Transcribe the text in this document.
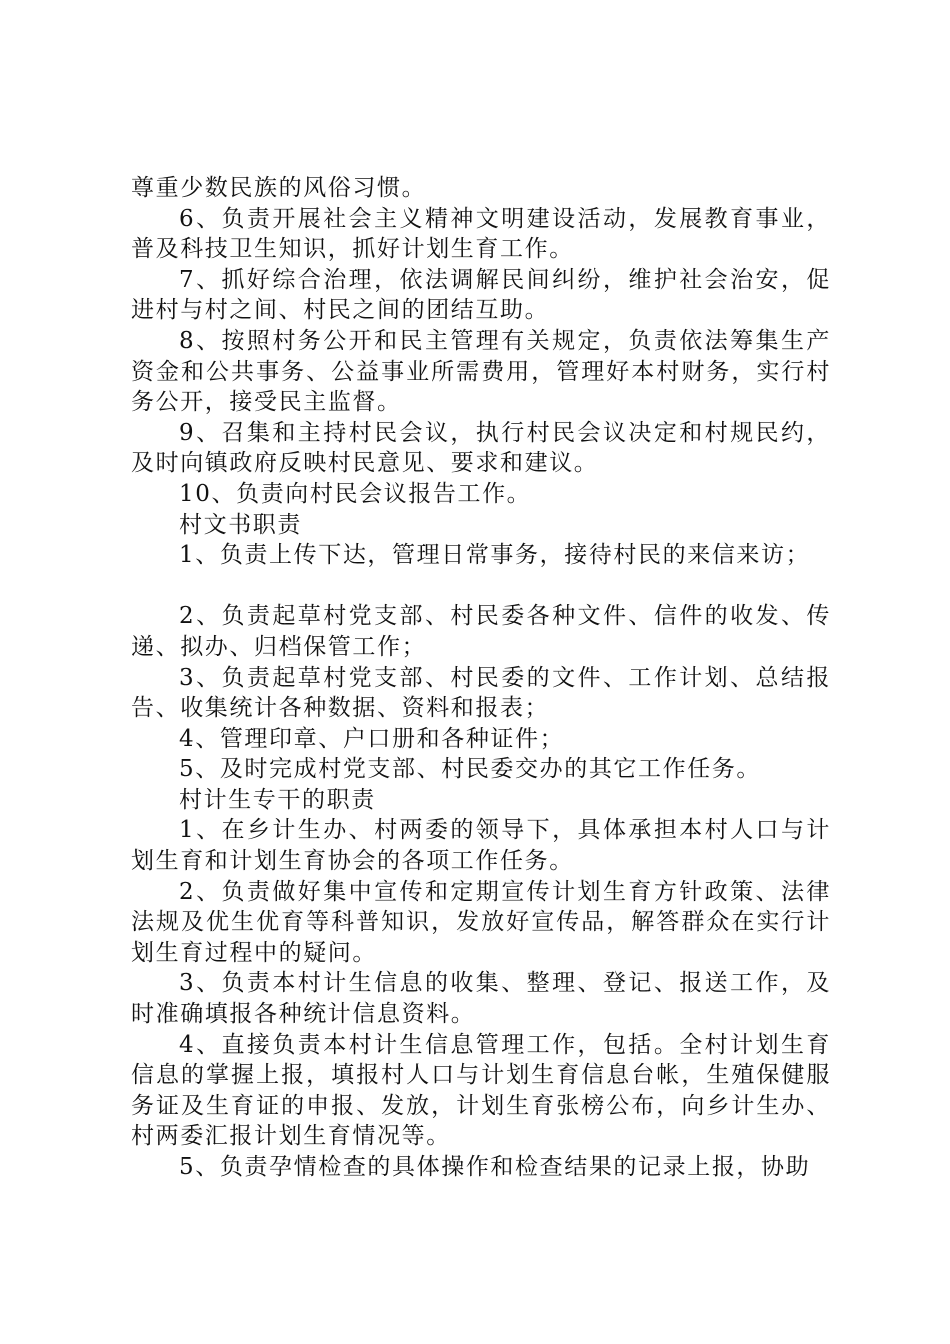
尊重少数民族的风俗习惯。

6、负责开展社会主义精神文明建设活动，发展教育事业，普及科技卫生知识，抓好计划生育工作。

7、抓好综合治理，依法调解民间纠纷，维护社会治安，促进村与村之间、村民之间的团结互助。

8、按照村务公开和民主管理有关规定，负责依法筹集生产资金和公共事务、公益事业所需费用，管理好本村财务，实行村务公开，接受民主监督。

9、召集和主持村民会议，执行村民会议决定和村规民约，及时向镇政府反映村民意见、要求和建议。

10、负责向村民会议报告工作。

村文书职责

1、负责上传下达，管理日常事务，接待村民的来信来访；

2、负责起草村党支部、村民委各种文件、信件的收发、传递、拟办、归档保管工作；

3、负责起草村党支部、村民委的文件、工作计划、总结报告、收集统计各种数据、资料和报表；

4、管理印章、户口册和各种证件；

5、及时完成村党支部、村民委交办的其它工作任务。

村计生专干的职责

1、在乡计生办、村两委的领导下，具体承担本村人口与计划生育和计划生育协会的各项工作任务。

2、负责做好集中宣传和定期宣传计划生育方针政策、法律法规及优生优育等科普知识，发放好宣传品，解答群众在实行计划生育过程中的疑问。

3、负责本村计生信息的收集、整理、登记、报送工作，及时准确填报各种统计信息资料。

4、直接负责本村计生信息管理工作，包括。全村计划生育信息的掌握上报，填报村人口与计划生育信息台帐，生殖保健服务证及生育证的申报、发放，计划生育张榜公布，向乡计生办、村两委汇报计划生育情况等。

5、负责孕情检查的具体操作和检查结果的记录上报，协助
